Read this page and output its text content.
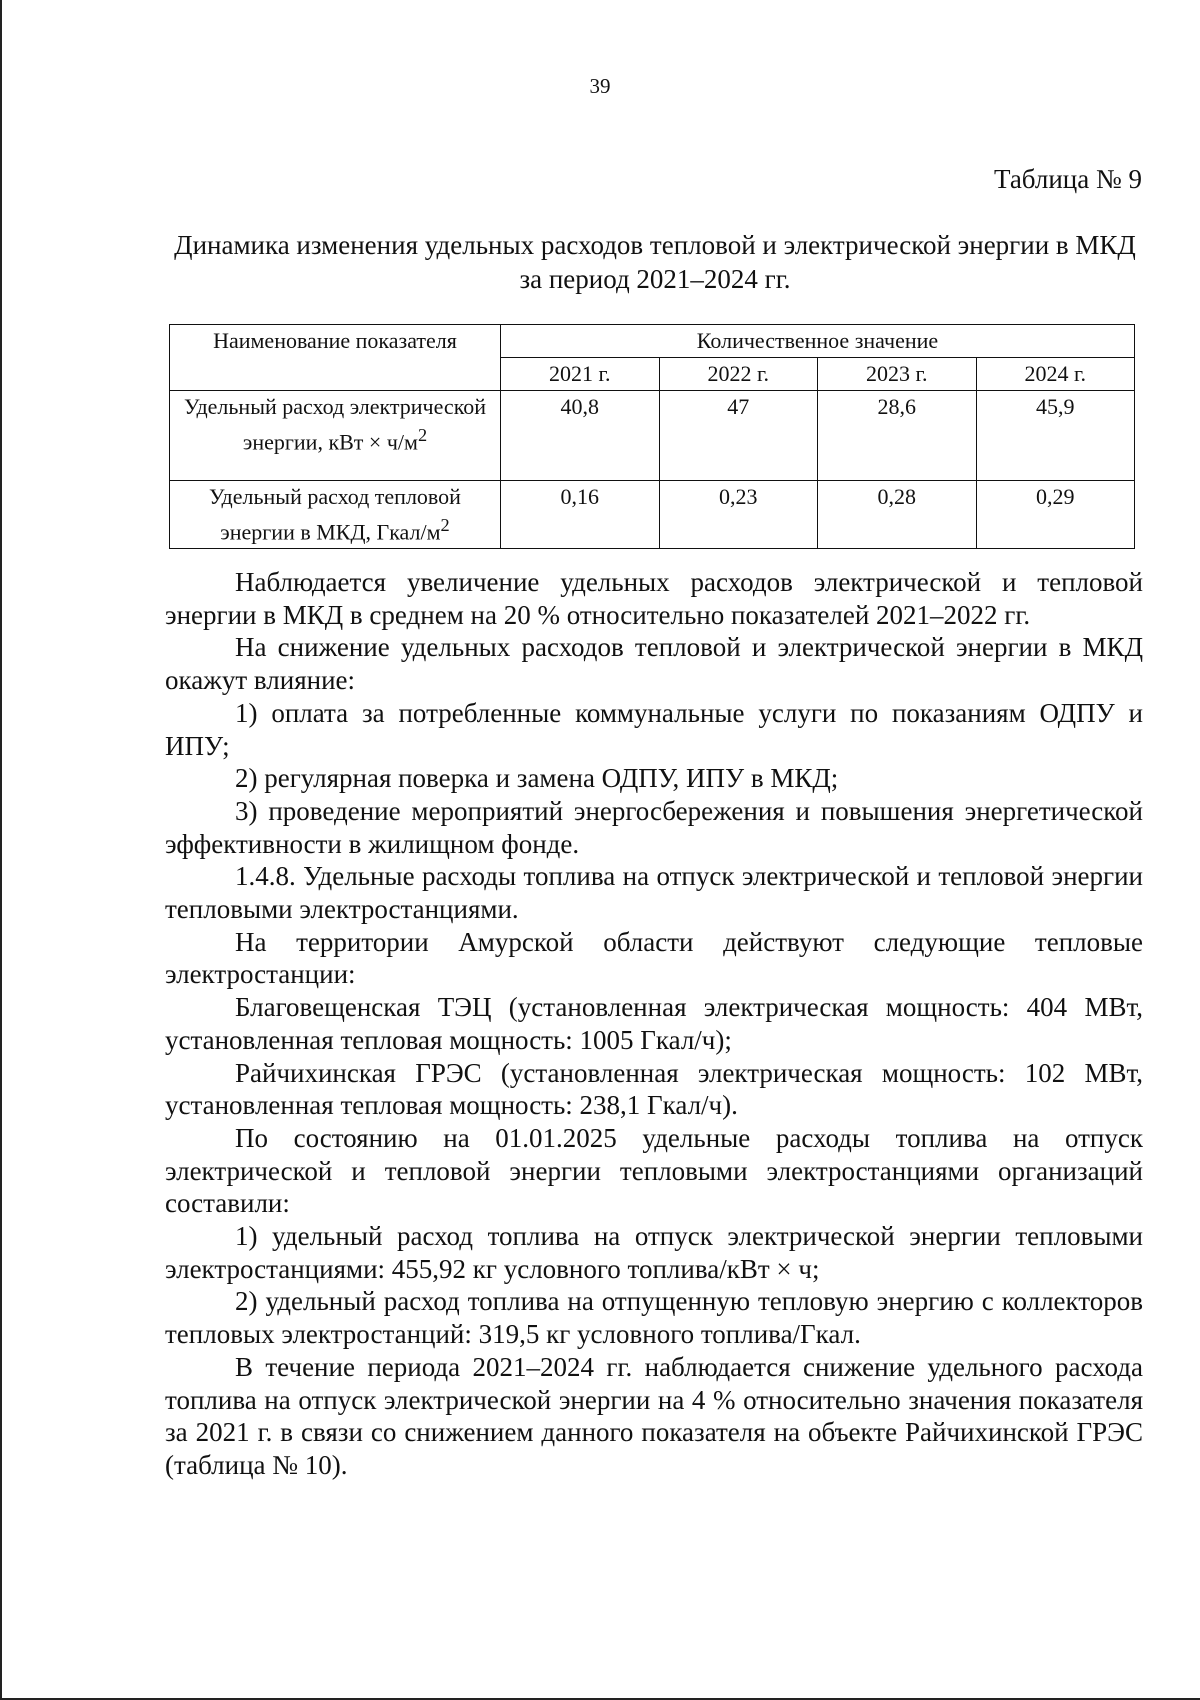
39
Таблица № 9
Динамика изменения удельных расходов тепловой и электрической энергии в МКД за период 2021–2024 гг.
Наименование показателя	Количественное значение			
	2021 г.	2022 г.	2023 г.	2024 г.
Удельный расход электрической энергии, кВт × $ч/м^2$	40,8	47	28,6	45,9
Удельный расход тепловой энергии в МКД, Гкал/$м^2$	0,16	0,23	0,28	0,29

Наблюдается увеличение удельных расходов электрической и тепловой энергии в МКД в среднем на 20 % относительно показателей 2021–2022 гг.

На снижение удельных расходов тепловой и электрической энергии в МКД окажут влияние:

1) оплата за потребленные коммунальные услуги по показаниям ОДПУ и ИПУ;

2) регулярная поверка и замена ОДПУ, ИПУ в МКД;

3) проведение мероприятий энергосбережения и повышения энергетической эффективности в жилищном фонде.

1.4.8. Удельные расходы топлива на отпуск электрической и тепловой энергии тепловыми электростанциями.

На территории Амурской области действуют следующие тепловые электростанции:

Благовещенская ТЭЦ (установленная электрическая мощность: 404 МВт, установленная тепловая мощность: 1005 Гкал/ч);

Райчихинская ГРЭС (установленная электрическая мощность: 102 МВт, установленная тепловая мощность: 238,1 Гкал/ч).

По состоянию на 01.01.2025 удельные расходы топлива на отпуск электрической и тепловой энергии тепловыми электростанциями организаций составили:

1) удельный расход топлива на отпуск электрической энергии тепловыми электростанциями: 455,92 кг условного топлива/кВт × ч;

2) удельный расход топлива на отпущенную тепловую энергию с коллекторов тепловых электростанций: 319,5 кг условного топлива/Гкал.

В течение периода 2021–2024 гг. наблюдается снижение удельного расхода топлива на отпуск электрической энергии на 4 % относительно значения показателя за 2021 г. в связи со снижением данного показателя на объекте Райчихинской ГРЭС (таблица № 10).
